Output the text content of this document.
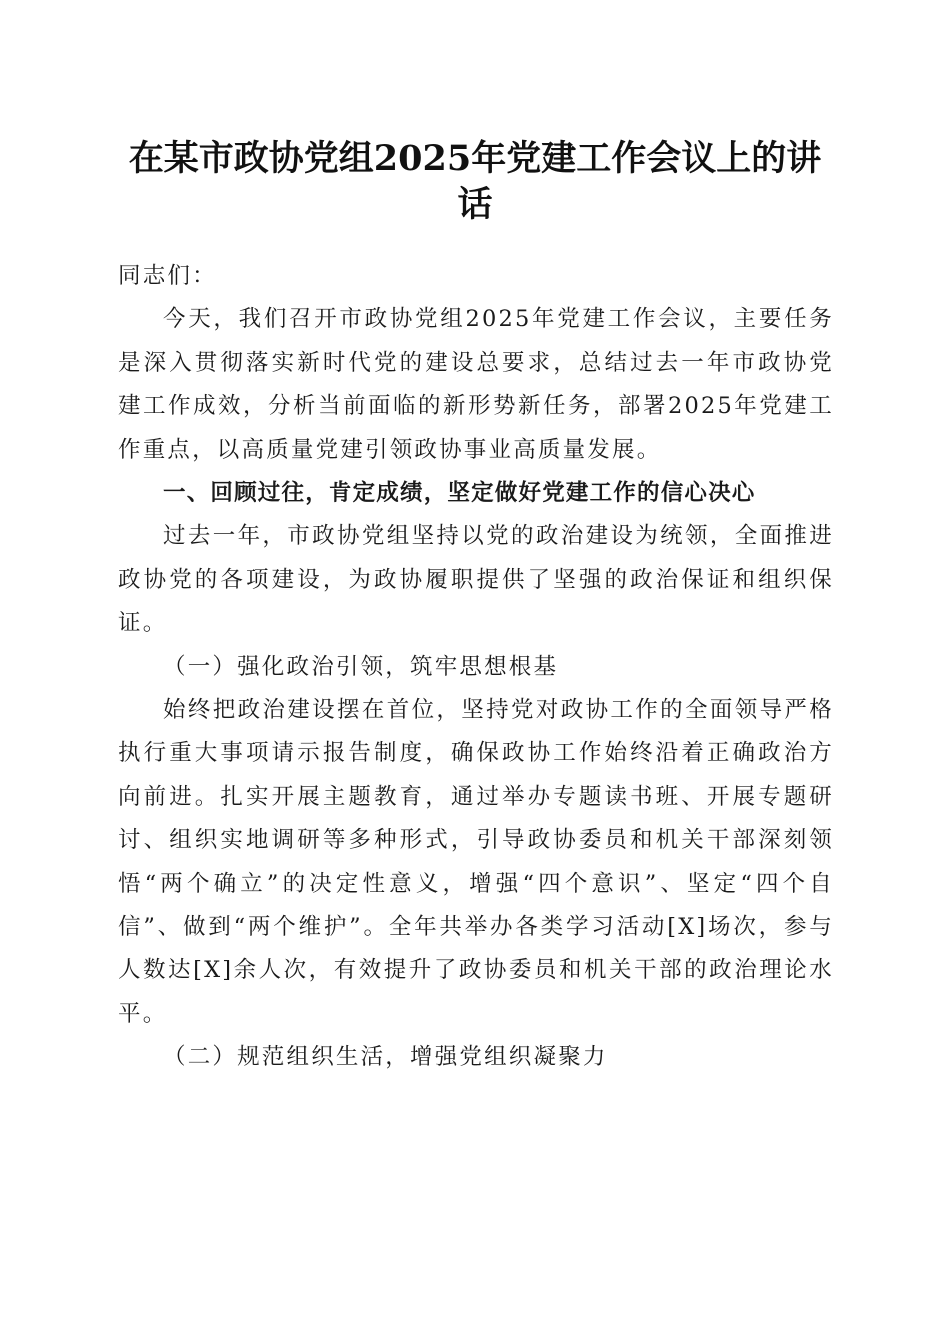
在某市政协党组2025年党建工作会议上的讲话

同志们：

今天，我们召开市政协党组2025年党建工作会议，主要任务是深入贯彻落实新时代党的建设总要求，总结过去一年市政协党建工作成效，分析当前面临的新形势新任务，部署2025年党建工作重点，以高质量党建引领政协事业高质量发展。

一、回顾过往，肯定成绩，坚定做好党建工作的信心决心

过去一年，市政协党组坚持以党的政治建设为统领，全面推进政协党的各项建设，为政协履职提供了坚强的政治保证和组织保证。

（一）强化政治引领，筑牢思想根基

始终把政治建设摆在首位，坚持党对政协工作的全面领导严格执行重大事项请示报告制度，确保政协工作始终沿着正确政治方向前进。扎实开展主题教育，通过举办专题读书班、开展专题研讨、组织实地调研等多种形式，引导政协委员和机关干部深刻领悟“两个确立”的决定性意义，增强“四个意识”、坚定“四个自信”、做到“两个维护”。全年共举办各类学习活动[X]场次，参与人数达[X]余人次，有效提升了政协委员和机关干部的政治理论水平。

（二）规范组织生活，增强党组织凝聚力
